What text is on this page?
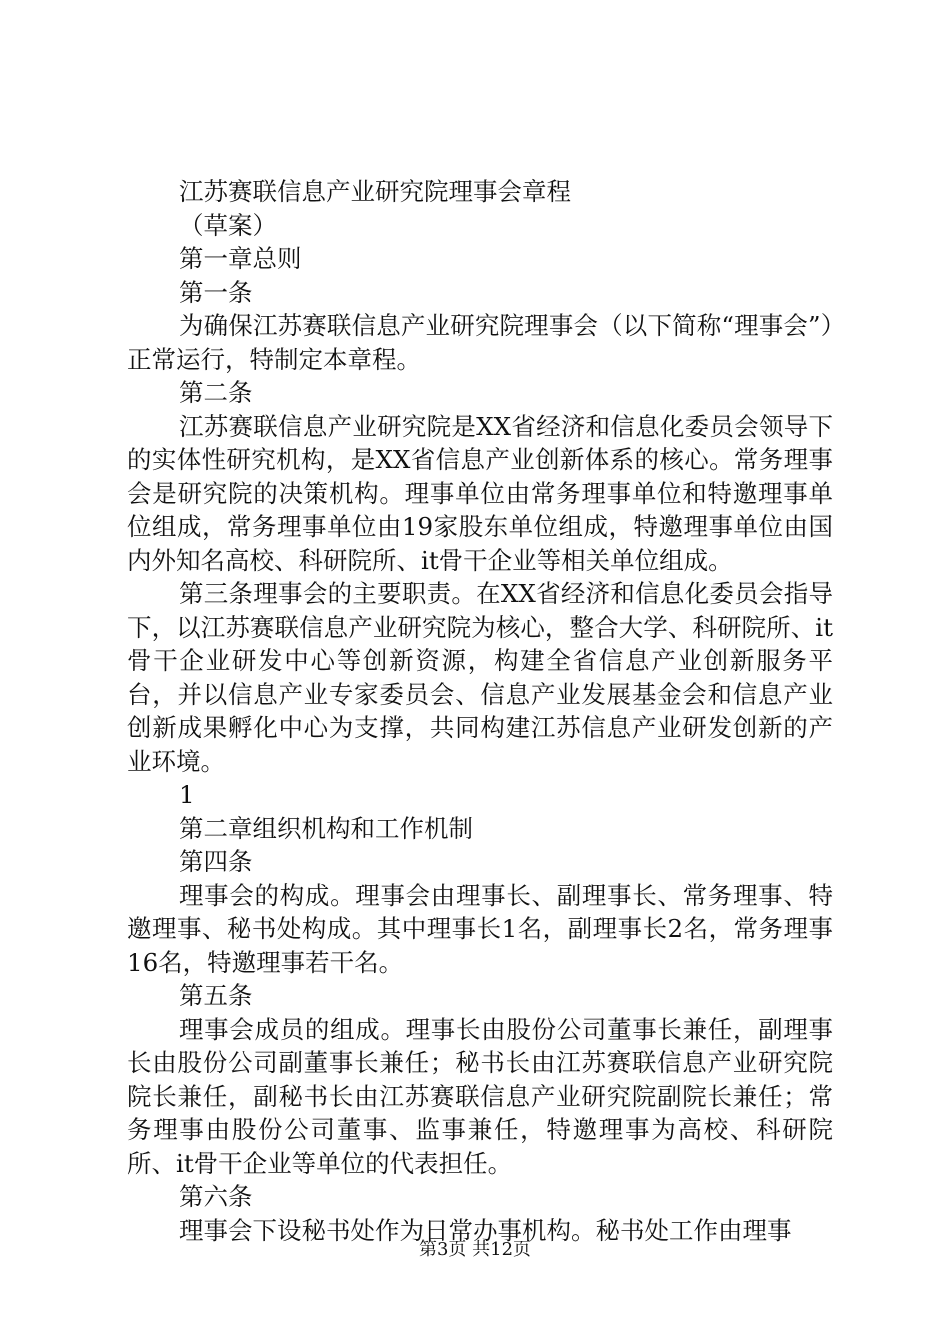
江苏赛联信息产业研究院理事会章程

（草案）

第一章总则

第一条

为确保江苏赛联信息产业研究院理事会（以下简称“理事会”）正常运行，特制定本章程。

第二条

江苏赛联信息产业研究院是XX省经济和信息化委员会领导下的实体性研究机构，是XX省信息产业创新体系的核心。常务理事会是研究院的决策机构。理事单位由常务理事单位和特邀理事单位组成，常务理事单位由19家股东单位组成，特邀理事单位由国内外知名高校、科研院所、it骨干企业等相关单位组成。

第三条理事会的主要职责。在XX省经济和信息化委员会指导下，以江苏赛联信息产业研究院为核心，整合大学、科研院所、it骨干企业研发中心等创新资源，构建全省信息产业创新服务平台，并以信息产业专家委员会、信息产业发展基金会和信息产业创新成果孵化中心为支撑，共同构建江苏信息产业研发创新的产业环境。

1

第二章组织机构和工作机制

第四条

理事会的构成。理事会由理事长、副理事长、常务理事、特邀理事、秘书处构成。其中理事长1名，副理事长2名，常务理事16名，特邀理事若干名。

第五条

理事会成员的组成。理事长由股份公司董事长兼任，副理事长由股份公司副董事长兼任；秘书长由江苏赛联信息产业研究院院长兼任，副秘书长由江苏赛联信息产业研究院副院长兼任；常务理事由股份公司董事、监事兼任，特邀理事为高校、科研院所、it骨干企业等单位的代表担任。

第六条

理事会下设秘书处作为日常办事机构。秘书处工作由理事

第3页 共12页
